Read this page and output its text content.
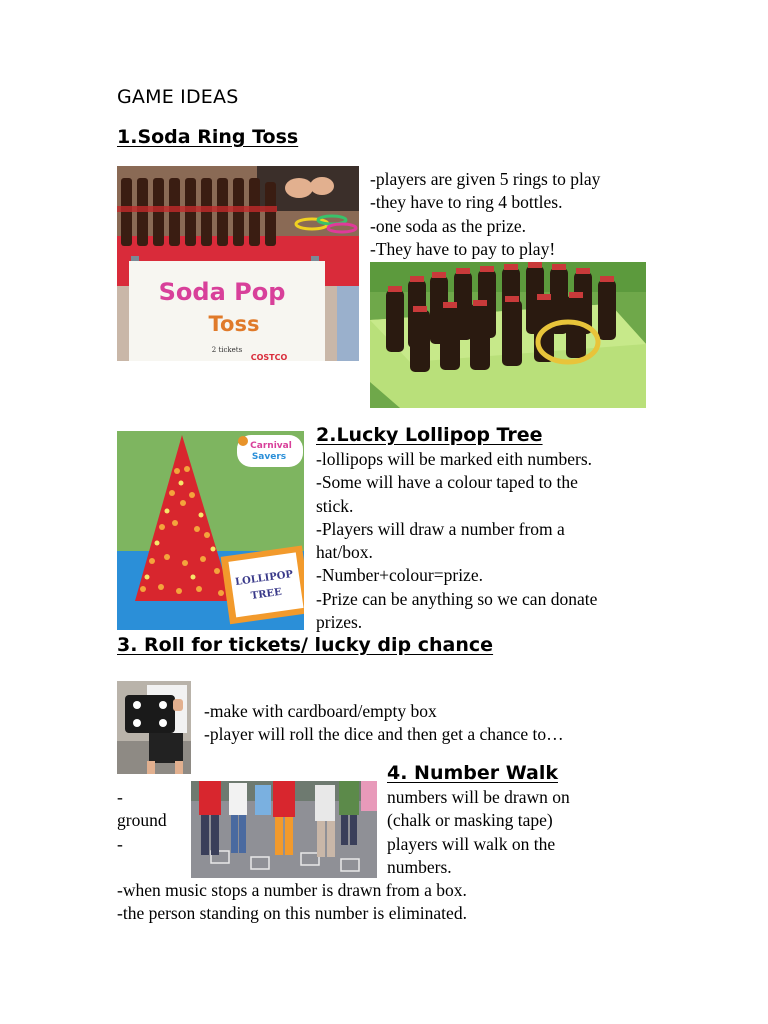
GAME IDEAS
1.Soda Ring Toss
Soda Pop
Toss
2 tickets
COSTCO
-players are given 5 rings to play
-they have to ring 4 bottles.
-one soda as the prize.
-They have to pay to play!
LOLLIPOP
TREE
Carnival
Savers
2.Lucky Lollipop Tree
-lollipops will be marked eith numbers.
-Some will have a colour taped to the
stick.
-Players will draw a number from a
hat/box.
-Number+colour=prize.
-Prize can be anything so we can donate
prizes.
3. Roll for tickets/ lucky dip chance
-make with cardboard/empty box
-player will roll the dice and then get a chance to…
4. Number Walk
-
ground
-
numbers will be drawn on
(chalk or masking tape)
players will walk on the
numbers.
-when music stops a number is drawn from a box.
-the person standing on this number is eliminated.
